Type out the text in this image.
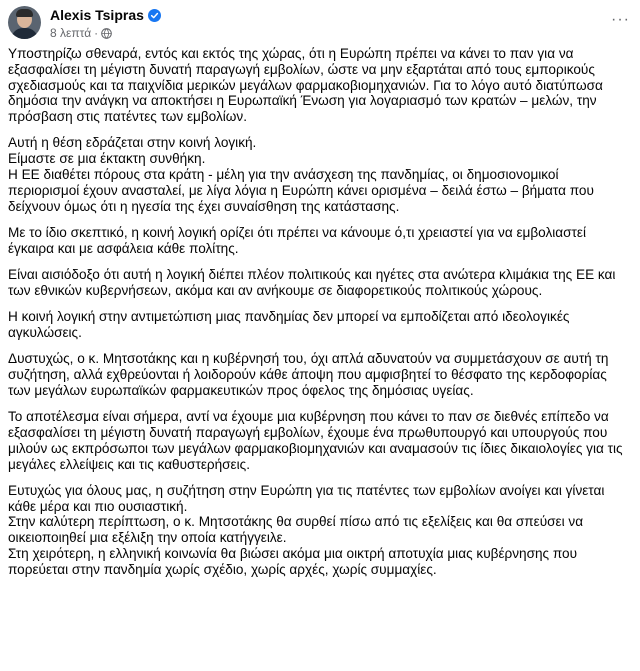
Alexis Tsipras
8 λεπτά ·
···

Υποστηρίζω σθεναρά, εντός και εκτός της χώρας, ότι η Ευρώπη πρέπει να κάνει το παν για να εξασφαλίσει τη μέγιστη δυνατή παραγωγή εμβολίων, ώστε να μην εξαρτάται από τους εμπορικούς σχεδιασμούς και τα παιχνίδια μερικών μεγάλων φαρμακοβιομηχανιών. Για το λόγο αυτό διατύπωσα δημόσια την ανάγκη να αποκτήσει η Ευρωπαϊκή Ένωση για λογαριασμό των κρατών – μελών, την πρόσβαση στις πατέντες των εμβολίων.

Αυτή η θέση εδράζεται στην κοινή λογική.
Είμαστε σε μια έκτακτη συνθήκη.
Η ΕΕ διαθέτει πόρους στα κράτη - μέλη για την ανάσχεση της πανδημίας, οι δημοσιονομικοί περιορισμοί έχουν ανασταλεί, με λίγα λόγια η Ευρώπη κάνει ορισμένα – δειλά έστω – βήματα που δείχνουν όμως ότι η ηγεσία της έχει συναίσθηση της κατάστασης.

Με το ίδιο σκεπτικό, η κοινή λογική ορίζει ότι πρέπει να κάνουμε ό,τι χρειαστεί για να εμβολιαστεί έγκαιρα και με ασφάλεια κάθε πολίτης.

Είναι αισιόδοξο ότι αυτή η λογική διέπει πλέον πολιτικούς και ηγέτες στα ανώτερα κλιμάκια της ΕΕ και των εθνικών κυβερνήσεων, ακόμα και αν ανήκουμε σε διαφορετικούς πολιτικούς χώρους.

Η κοινή λογική στην αντιμετώπιση μιας πανδημίας δεν μπορεί να εμποδίζεται από ιδεολογικές αγκυλώσεις.

Δυστυχώς, ο κ. Μητσοτάκης και η κυβέρνησή του, όχι απλά αδυνατούν να συμμετάσχουν σε αυτή τη συζήτηση, αλλά εχθρεύονται ή λοιδορούν κάθε άποψη που αμφισβητεί το θέσφατο της κερδοφορίας των μεγάλων ευρωπαϊκών φαρμακευτικών προς όφελος της δημόσιας υγείας.

Το αποτέλεσμα είναι σήμερα, αντί να έχουμε μια κυβέρνηση που κάνει το παν σε διεθνές επίπεδο να εξασφαλίσει τη μέγιστη δυνατή παραγωγή εμβολίων, έχουμε ένα πρωθυπουργό και υπουργούς που μιλούν ως εκπρόσωποι των μεγάλων φαρμακοβιομηχανιών και αναμασούν τις ίδιες δικαιολογίες για τις μεγάλες ελλείψεις και τις καθυστερήσεις.

Ευτυχώς για όλους μας, η συζήτηση στην Ευρώπη για τις πατέντες των εμβολίων ανοίγει και γίνεται κάθε μέρα και πιο ουσιαστική.
Στην καλύτερη περίπτωση, ο κ. Μητσοτάκης θα συρθεί πίσω από τις εξελίξεις και θα σπεύσει να οικειοποιηθεί μια εξέλιξη την οποία κατήγγειλε.
Στη χειρότερη, η ελληνική κοινωνία θα βιώσει ακόμα μια οικτρή αποτυχία μιας κυβέρνησης που πορεύεται στην πανδημία χωρίς σχέδιο, χωρίς αρχές, χωρίς συμμαχίες.
